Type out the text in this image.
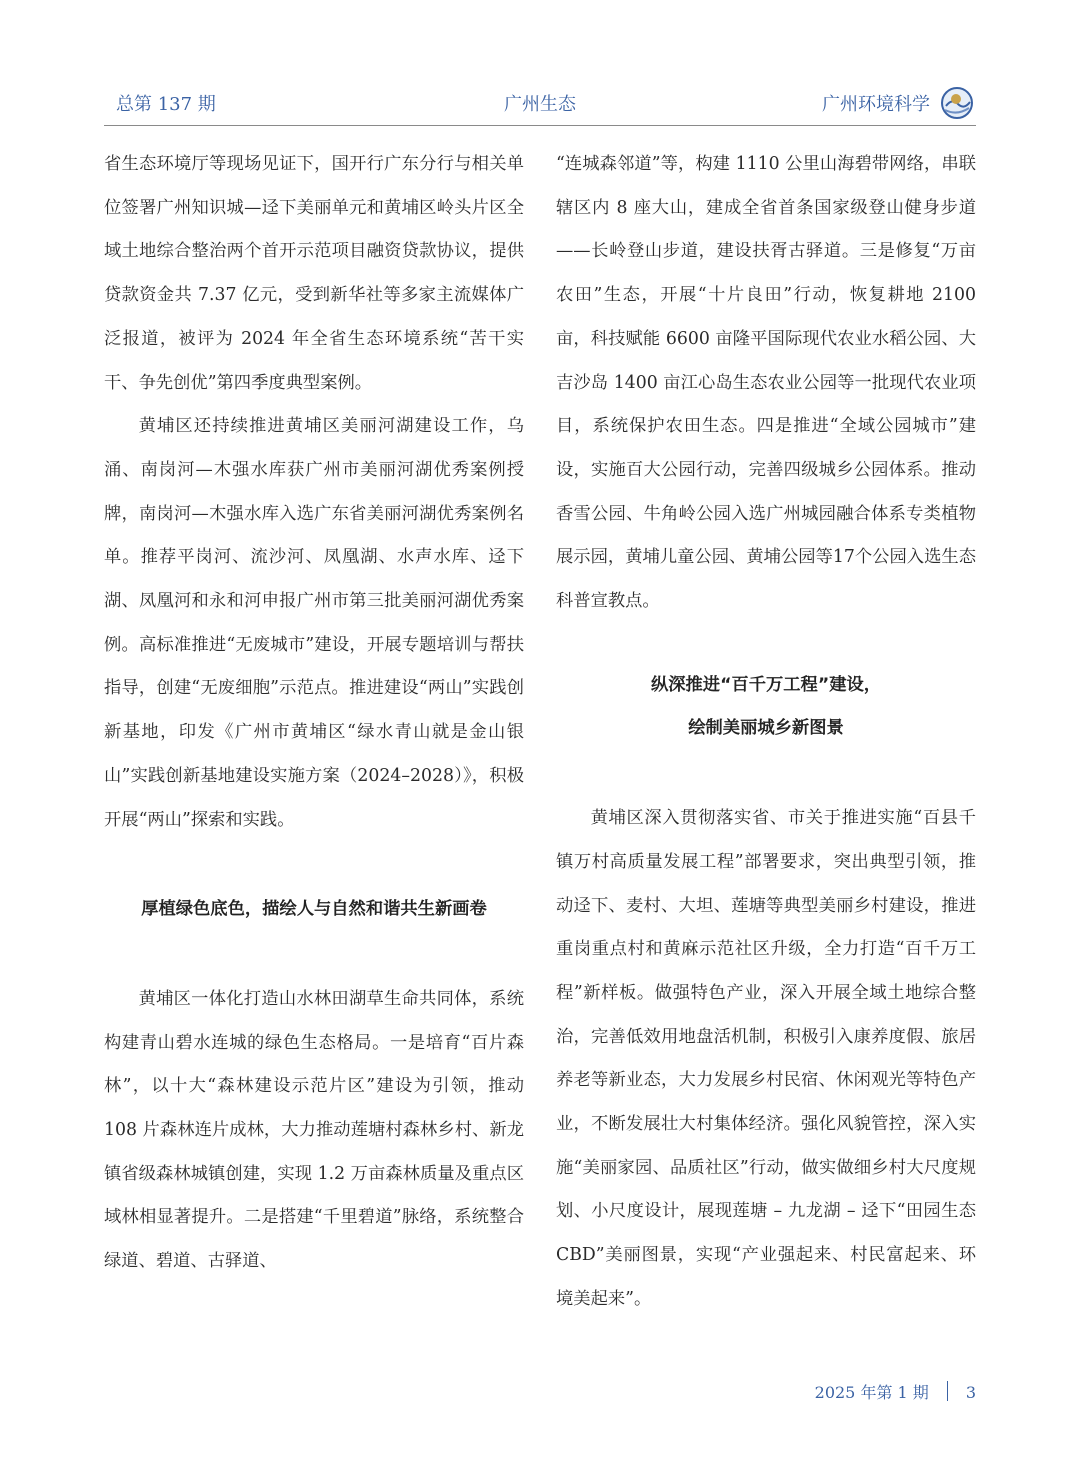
总第 137 期	广州生态	广州环境科学

省生态环境厅等现场见证下，国开行广东分行与相关单位签署广州知识城—迳下美丽单元和黄埔区岭头片区全域土地综合整治两个首开示范项目融资贷款协议，提供贷款资金共 7.37 亿元，受到新华社等多家主流媒体广泛报道，被评为 2024 年全省生态环境系统“苦干实干、争先创优”第四季度典型案例。

黄埔区还持续推进黄埔区美丽河湖建设工作，乌涌、南岗河—木强水库获广州市美丽河湖优秀案例授牌，南岗河—木强水库入选广东省美丽河湖优秀案例名单。推荐平岗河、流沙河、凤凰湖、水声水库、迳下湖、凤凰河和永和河申报广州市第三批美丽河湖优秀案例。高标准推进“无废城市”建设，开展专题培训与帮扶指导，创建“无废细胞”示范点。推进建设“两山”实践创新基地，印发《广州市黄埔区“绿水青山就是金山银山”实践创新基地建设实施方案（2024–2028）》，积极开展“两山”探索和实践。

厚植绿色底色，描绘人与自然和谐共生新画卷

黄埔区一体化打造山水林田湖草生命共同体，系统构建青山碧水连城的绿色生态格局。一是培育“百片森林”，以十大“森林建设示范片区”建设为引领，推动 108 片森林连片成林，大力推动莲塘村森林乡村、新龙镇省级森林城镇创建，实现 1.2 万亩森林质量及重点区域林相显著提升。二是搭建“千里碧道”脉络，系统整合绿道、碧道、古驿道、

“连城森邻道”等，构建 1110 公里山海碧带网络，串联辖区内 8 座大山，建成全省首条国家级登山健身步道——长岭登山步道，建设扶胥古驿道。三是修复“万亩农田”生态，开展“十片良田”行动，恢复耕地 2100 亩，科技赋能 6600 亩隆平国际现代农业水稻公园、大吉沙岛 1400 亩江心岛生态农业公园等一批现代农业项目，系统保护农田生态。四是推进“全域公园城市”建设，实施百大公园行动，完善四级城乡公园体系。推动香雪公园、牛角岭公园入选广州城园融合体系专类植物展示园，黄埔儿童公园、黄埔公园等17个公园入选生态科普宣教点。

纵深推进“百千万工程”建设，

绘制美丽城乡新图景

黄埔区深入贯彻落实省、市关于推进实施“百县千镇万村高质量发展工程”部署要求，突出典型引领，推动迳下、麦村、大坦、莲塘等典型美丽乡村建设，推进重岗重点村和黄麻示范社区升级，全力打造“百千万工程”新样板。做强特色产业，深入开展全域土地综合整治，完善低效用地盘活机制，积极引入康养度假、旅居养老等新业态，大力发展乡村民宿、休闲观光等特色产业，不断发展壮大村集体经济。强化风貌管控，深入实施“美丽家园、品质社区”行动，做实做细乡村大尺度规划、小尺度设计，展现莲塘 – 九龙湖 – 迳下“田园生态CBD”美丽图景，实现“产业强起来、村民富起来、环境美起来”。

2025 年第 1 期 3
